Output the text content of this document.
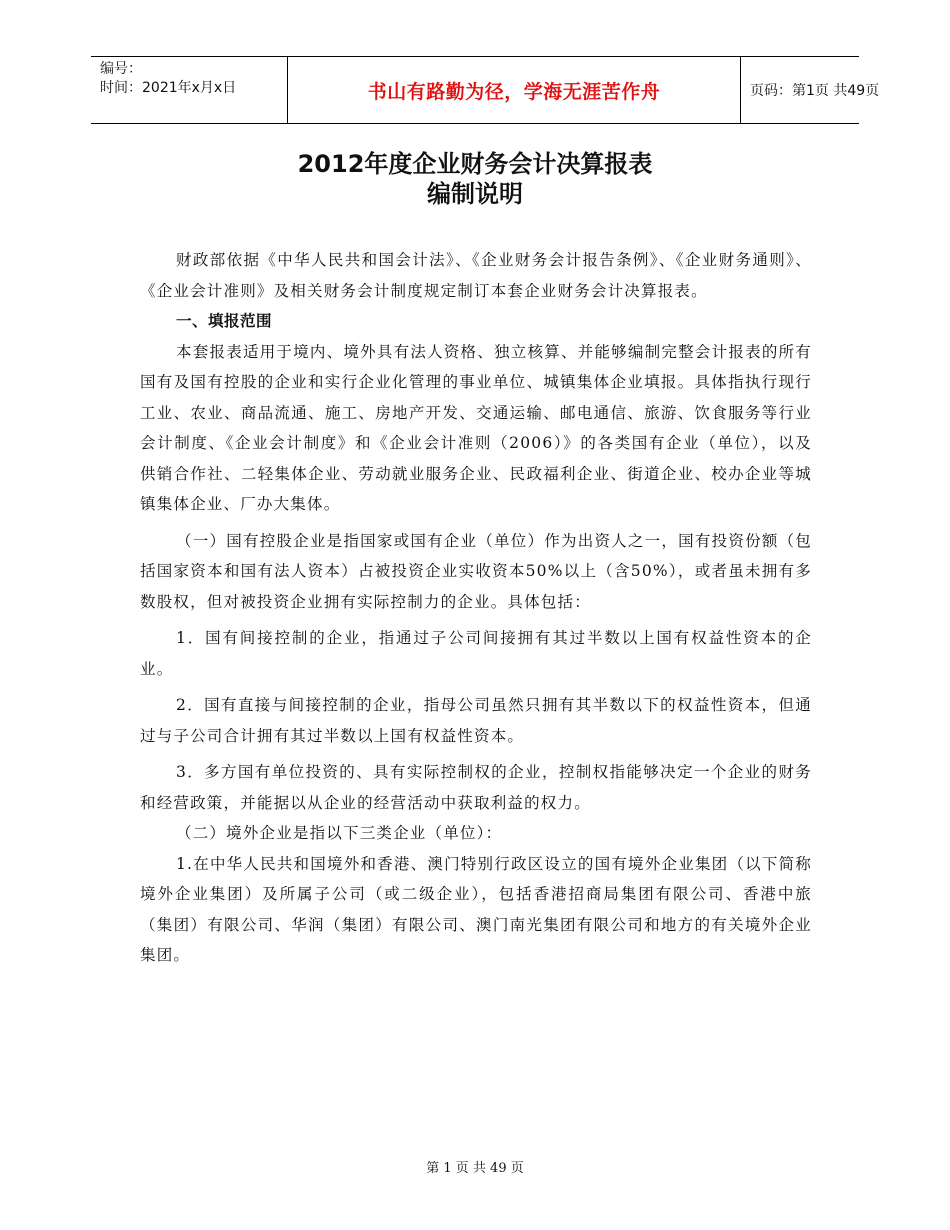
编号：
时间：2021年x月x日	书山有路勤为径，学海无涯苦作舟	页码：第1页 共49页
2012年度企业财务会计决算报表
编制说明

财政部依据《中华人民共和国会计法》、《企业财务会计报告条例》、《企业财务通则》、《企业会计准则》及相关财务会计制度规定制订本套企业财务会计决算报表。

一、填报范围

本套报表适用于境内、境外具有法人资格、独立核算、并能够编制完整会计报表的所有国有及国有控股的企业和实行企业化管理的事业单位、城镇集体企业填报。具体指执行现行工业、农业、商品流通、施工、房地产开发、交通运输、邮电通信、旅游、饮食服务等行业会计制度、《企业会计制度》和《企业会计准则（2006）》的各类国有企业（单位），以及供销合作社、二轻集体企业、劳动就业服务企业、民政福利企业、街道企业、校办企业等城镇集体企业、厂办大集体。

（一）国有控股企业是指国家或国有企业（单位）作为出资人之一，国有投资份额（包括国家资本和国有法人资本）占被投资企业实收资本50%以上（含50%），或者虽未拥有多数股权，但对被投资企业拥有实际控制力的企业。具体包括：

1．国有间接控制的企业，指通过子公司间接拥有其过半数以上国有权益性资本的企业。

2．国有直接与间接控制的企业，指母公司虽然只拥有其半数以下的权益性资本，但通过与子公司合计拥有其过半数以上国有权益性资本。

3．多方国有单位投资的、具有实际控制权的企业，控制权指能够决定一个企业的财务和经营政策，并能据以从企业的经营活动中获取利益的权力。

（二）境外企业是指以下三类企业（单位）：

1.在中华人民共和国境外和香港、澳门特别行政区设立的国有境外企业集团（以下简称境外企业集团）及所属子公司（或二级企业），包括香港招商局集团有限公司、香港中旅（集团）有限公司、华润（集团）有限公司、澳门南光集团有限公司和地方的有关境外企业集团。

第 1 页 共 49 页
